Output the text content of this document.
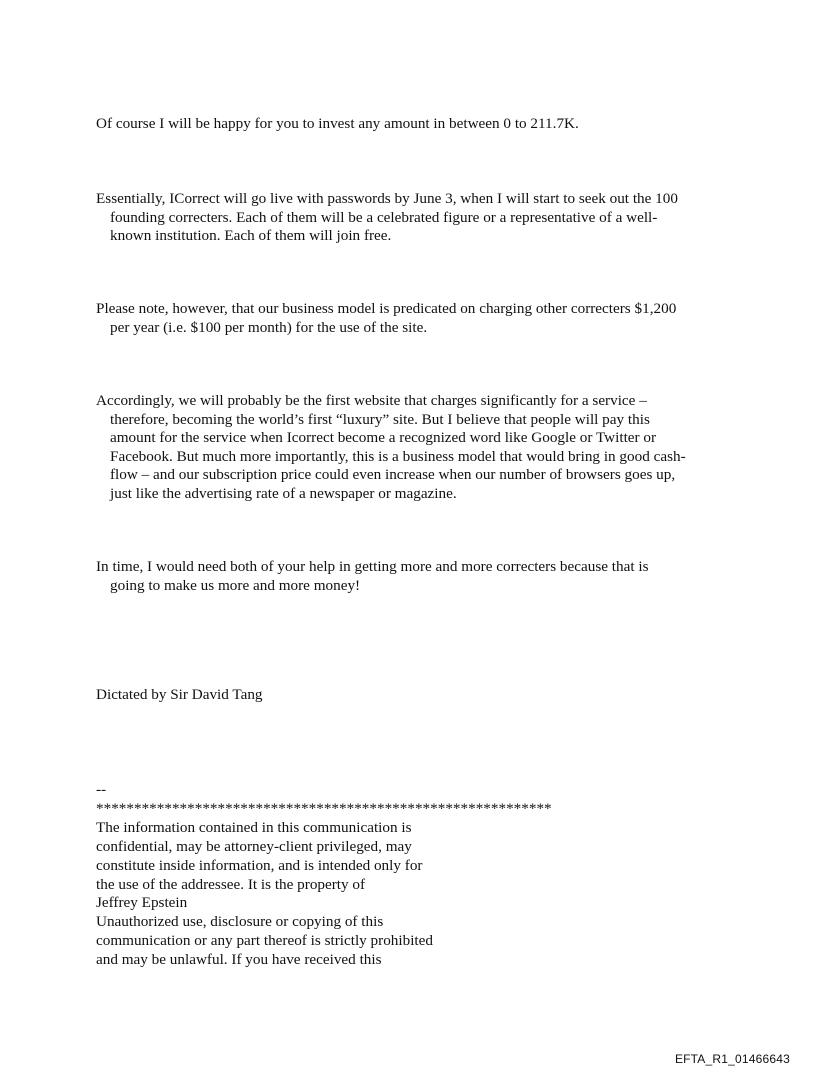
Of course I will be happy for you to invest any amount in between 0 to 211.7K.

Essentially, ICorrect will go live with passwords by June 3, when I will start to seek out the 100
founding correcters. Each of them will be a celebrated figure or a representative of a well-
known institution. Each of them will join free.

Please note, however, that our business model is predicated on charging other correcters $1,200
per year (i.e. $100 per month) for the use of the site.

Accordingly, we will probably be the first website that charges significantly for a service –
therefore, becoming the world’s first “luxury” site. But I believe that people will pay this
amount for the service when Icorrect become a recognized word like Google or Twitter or
Facebook. But much more importantly, this is a business model that would bring in good cash-
flow – and our subscription price could even increase when our number of browsers goes up,
just like the advertising rate of a newspaper or magazine.

In time, I would need both of your help in getting more and more correcters because that is
going to make us more and more money!

Dictated by Sir David Tang

--
************************************************************
The information contained in this communication is
confidential, may be attorney-client privileged, may
constitute inside information, and is intended only for
the use of the addressee. It is the property of
Jeffrey Epstein
Unauthorized use, disclosure or copying of this
communication or any part thereof is strictly prohibited
and may be unlawful. If you have received this
EFTA_R1_01466643
